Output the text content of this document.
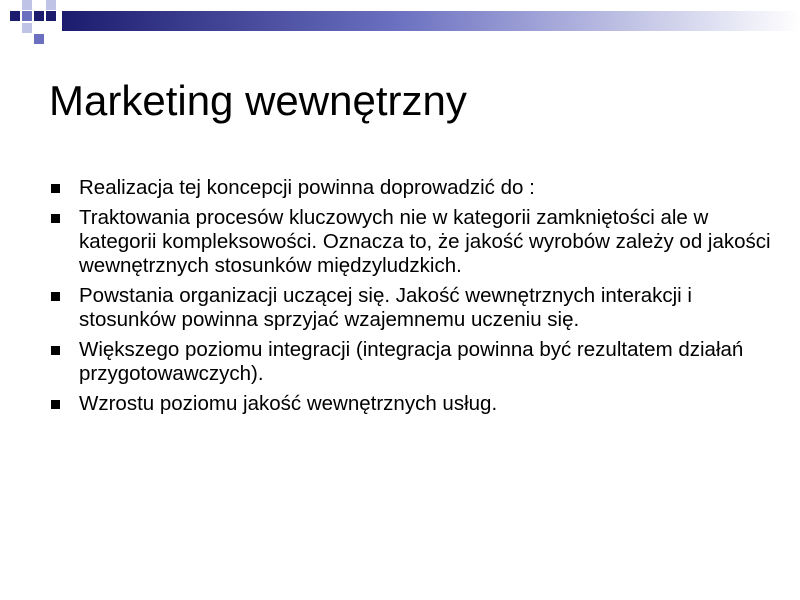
Marketing wewnętrzny
Realizacja tej koncepcji powinna doprowadzić do :
Traktowania procesów kluczowych nie w kategorii zamkniętości ale w kategorii kompleksowości. Oznacza to, że jakość wyrobów zależy od jakości wewnętrznych stosunków międzyludzkich.
Powstania organizacji uczącej się. Jakość wewnętrznych interakcji i stosunków powinna sprzyjać wzajemnemu uczeniu się.
Większego poziomu integracji (integracja powinna być rezultatem działań przygotowawczych).
Wzrostu poziomu jakość wewnętrznych usług.
